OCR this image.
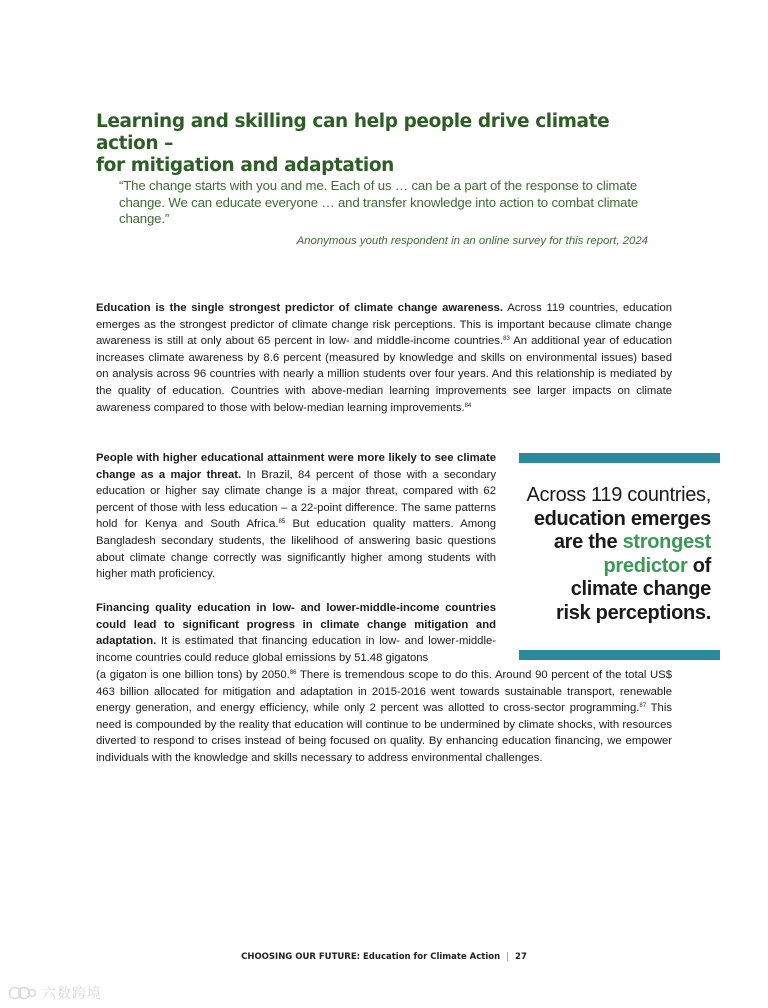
Learning and skilling can help people drive climate action –
for mitigation and adaptation

“The change starts with you and me. Each of us … can be a part of the response to climate change. We can educate everyone … and transfer knowledge into action to combat climate change.”

Anonymous youth respondent in an online survey for this report, 2024

Education is the single strongest predictor of climate change awareness. Across 119 countries, education emerges as the strongest predictor of climate change risk perceptions. This is important because climate change awareness is still at only about 65 percent in low- and middle-income countries.$^{83}$ An additional year of education increases climate awareness by 8.6 percent (measured by knowledge and skills on environmental issues) based on analysis across 96 countries with nearly a million students over four years. And this relationship is mediated by the quality of education. Countries with above-median learning improvements see larger impacts on climate awareness compared to those with below-median learning improvements.$^{84}$

People with higher educational attainment were more likely to see climate change as a major threat. In Brazil, 84 percent of those with a secondary education or higher say climate change is a major threat, compared with 62 percent of those with less education – a 22-point difference. The same patterns hold for Kenya and South Africa.$^{85}$ But education quality matters. Among Bangladesh secondary students, the likelihood of answering basic questions about climate change correctly was significantly higher among students with higher math proficiency.

Financing quality education in low- and lower-middle-income countries could lead to significant progress in climate change mitigation and adaptation. It is estimated that financing education in low- and lower-middle-income countries could reduce global emissions by 51.48 gigatons

(a gigaton is one billion tons) by 2050.86 There is tremendous scope to do this. Around 90 percent of the total US$ 463 billion allocated for mitigation and adaptation in 2015-2016 went towards sustainable transport, renewable energy generation, and energy efficiency, while only 2 percent was allotted to cross-sector programming.$^{87}$ This need is compounded by the reality that education will continue to be undermined by climate shocks, with resources diverted to respond to crises instead of being focused on quality. By enhancing education financing, we empower individuals with the knowledge and skills necessary to address environmental challenges.

Across 119 countries,
education emerges
are the strongest
predictor of
climate change
risk perceptions.
CHOOSING OUR FUTURE: Education for Climate Action | 27
六数跨境
